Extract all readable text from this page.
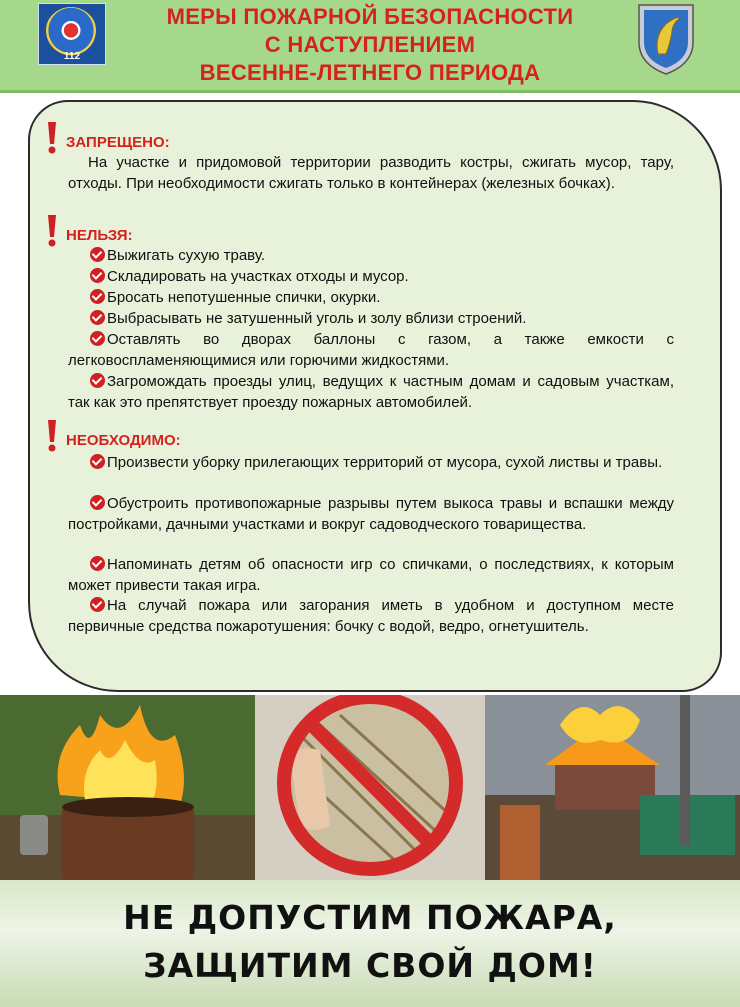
112
МЕРЫ ПОЖАРНОЙ БЕЗОПАСНОСТИ
С НАСТУПЛЕНИЕМ
ВЕСЕННЕ-ЛЕТНЕГО ПЕРИОДА
ЗАПРЕЩЕНО:
На участке и придомовой территории разводить костры, сжигать мусор, тару, отходы. При необходимости сжигать только в контейнерах (железных бочках).
НЕЛЬЗЯ:
Выжигать сухую траву.
Складировать на участках отходы и мусор.
Бросать непотушенные спички, окурки.
Выбрасывать не затушенный уголь и золу вблизи строений.
Оставлять во дворах баллоны с газом, а также емкости с легковоспламеняющимися или горючими жидкостями.
Загромождать проезды улиц, ведущих к частным домам и садовым участкам, так как это препятствует проезду пожарных автомобилей.
НЕОБХОДИМО:
Произвести уборку прилегающих территорий от мусора, сухой листвы и травы.
Обустроить противопожарные разрывы путем выкоса травы и вспашки между постройками, дачными участками и вокруг садоводческого товарищества.
Напоминать детям об опасности игр со спичками, о последствиях, к которым может привести такая игра.
На случай пожара или загорания иметь в удобном и доступном месте первичные средства пожаротушения: бочку с водой, ведро, огнетушитель.
НЕ ДОПУСТИМ ПОЖАРА,
ЗАЩИТИМ СВОЙ ДОМ!
